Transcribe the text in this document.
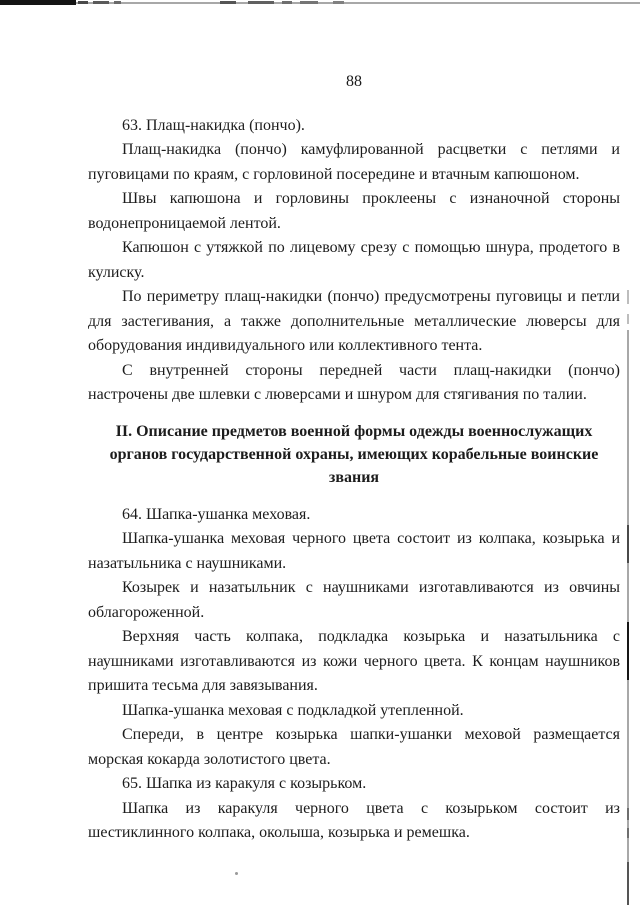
88

63. Плащ-накидка (пончо).

Плащ-накидка (пончо) камуфлированной расцветки с петлями и пуговицами по краям, с горловиной посередине и втачным капюшоном.

Швы капюшона и горловины проклеены с изнаночной стороны водонепроницаемой лентой.

Капюшон с утяжкой по лицевому срезу с помощью шнура, продетого в кулиску.

По периметру плащ-накидки (пончо) предусмотрены пуговицы и петли для застегивания, а также дополнительные металлические люверсы для оборудования индивидуального или коллективного тента.

С внутренней стороны передней части плащ-накидки (пончо) настрочены две шлевки с люверсами и шнуром для стягивания по талии.

II. Описание предметов военной формы одежды военнослужащих органов государственной охраны, имеющих корабельные воинские звания

64. Шапка-ушанка меховая.

Шапка-ушанка меховая черного цвета состоит из колпака, козырька и назатыльника с наушниками.

Козырек и назатыльник с наушниками изготавливаются из овчины облагороженной.

Верхняя часть колпака, подкладка козырька и назатыльника с наушниками изготавливаются из кожи черного цвета. К концам наушников пришита тесьма для завязывания.

Шапка-ушанка меховая с подкладкой утепленной.

Спереди, в центре козырька шапки-ушанки меховой размещается морская кокарда золотистого цвета.

65. Шапка из каракуля с козырьком.

Шапка из каракуля черного цвета с козырьком состоит из шестиклинного колпака, околыша, козырька и ремешка.
